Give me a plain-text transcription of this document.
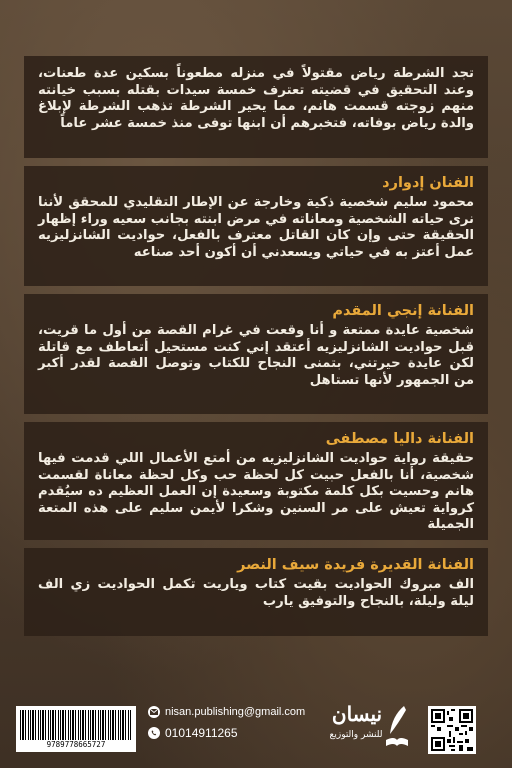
تجد الشرطة رياض مقتولاً في منزله مطعوناً بسكين عدة طعنات، وعند التحقيق في قضيته تعترف خمسة سيدات بقتله بسبب خيانته منهم زوجته قسمت هانم، مما يحير الشرطة تذهب الشرطة لإبلاغ والدة رياض بوفاته، فتخبرهم أن ابنها توفى منذ خمسة عشر عاماً

الفنان إدوارد

محمود سليم شخصية ذكية وخارجة عن الإطار التقليدي للمحقق لأننا نرى حياته الشخصية ومعاناته في مرض ابنته بجانب سعيه وراء إظهار الحقيقة حتى وإن كان القاتل معترف بالفعل، حواديت الشانزليزيه عمل أعتز به في حياتي ويسعدني أن أكون أحد صناعه

الفنانة إنجي المقدم

شخصية عايدة ممتعة و أنا وقعت في غرام القصة من أول ما قريت، قبل حواديت الشانزليزيه أعتقد إني كنت مستحيل أتعاطف مع قاتلة لكن عايدة حيرتني، بتمنى النجاح للكتاب وتوصل القصة لقدر أكبر من الجمهور لأنها تستاهل

الفنانة داليا مصطفى

حقيقة رواية حواديت الشانزليزيه من أمتع الأعمال اللي قدمت فيها شخصية، أنا بالفعل حبيت كل لحظة حب وكل لحظة معاناة لقسمت هانم وحسيت بكل كلمة مكتوبة وسعيدة إن العمل العظيم ده سيُقدم كرواية تعيش على مر السنين وشكرا لأيمن سليم على هذه المتعة الجميلة

الفنانة القديرة فريدة سيف النصر

الف مبروك الحواديت بقيت كتاب وياريت تكمل الحواديت زي الف ليلة وليلة، بالنجاح والتوفيق يارب

9789778665727
nisan.publishing@gmail.com
01014911265
نيسان
للنشر والتوزيع
